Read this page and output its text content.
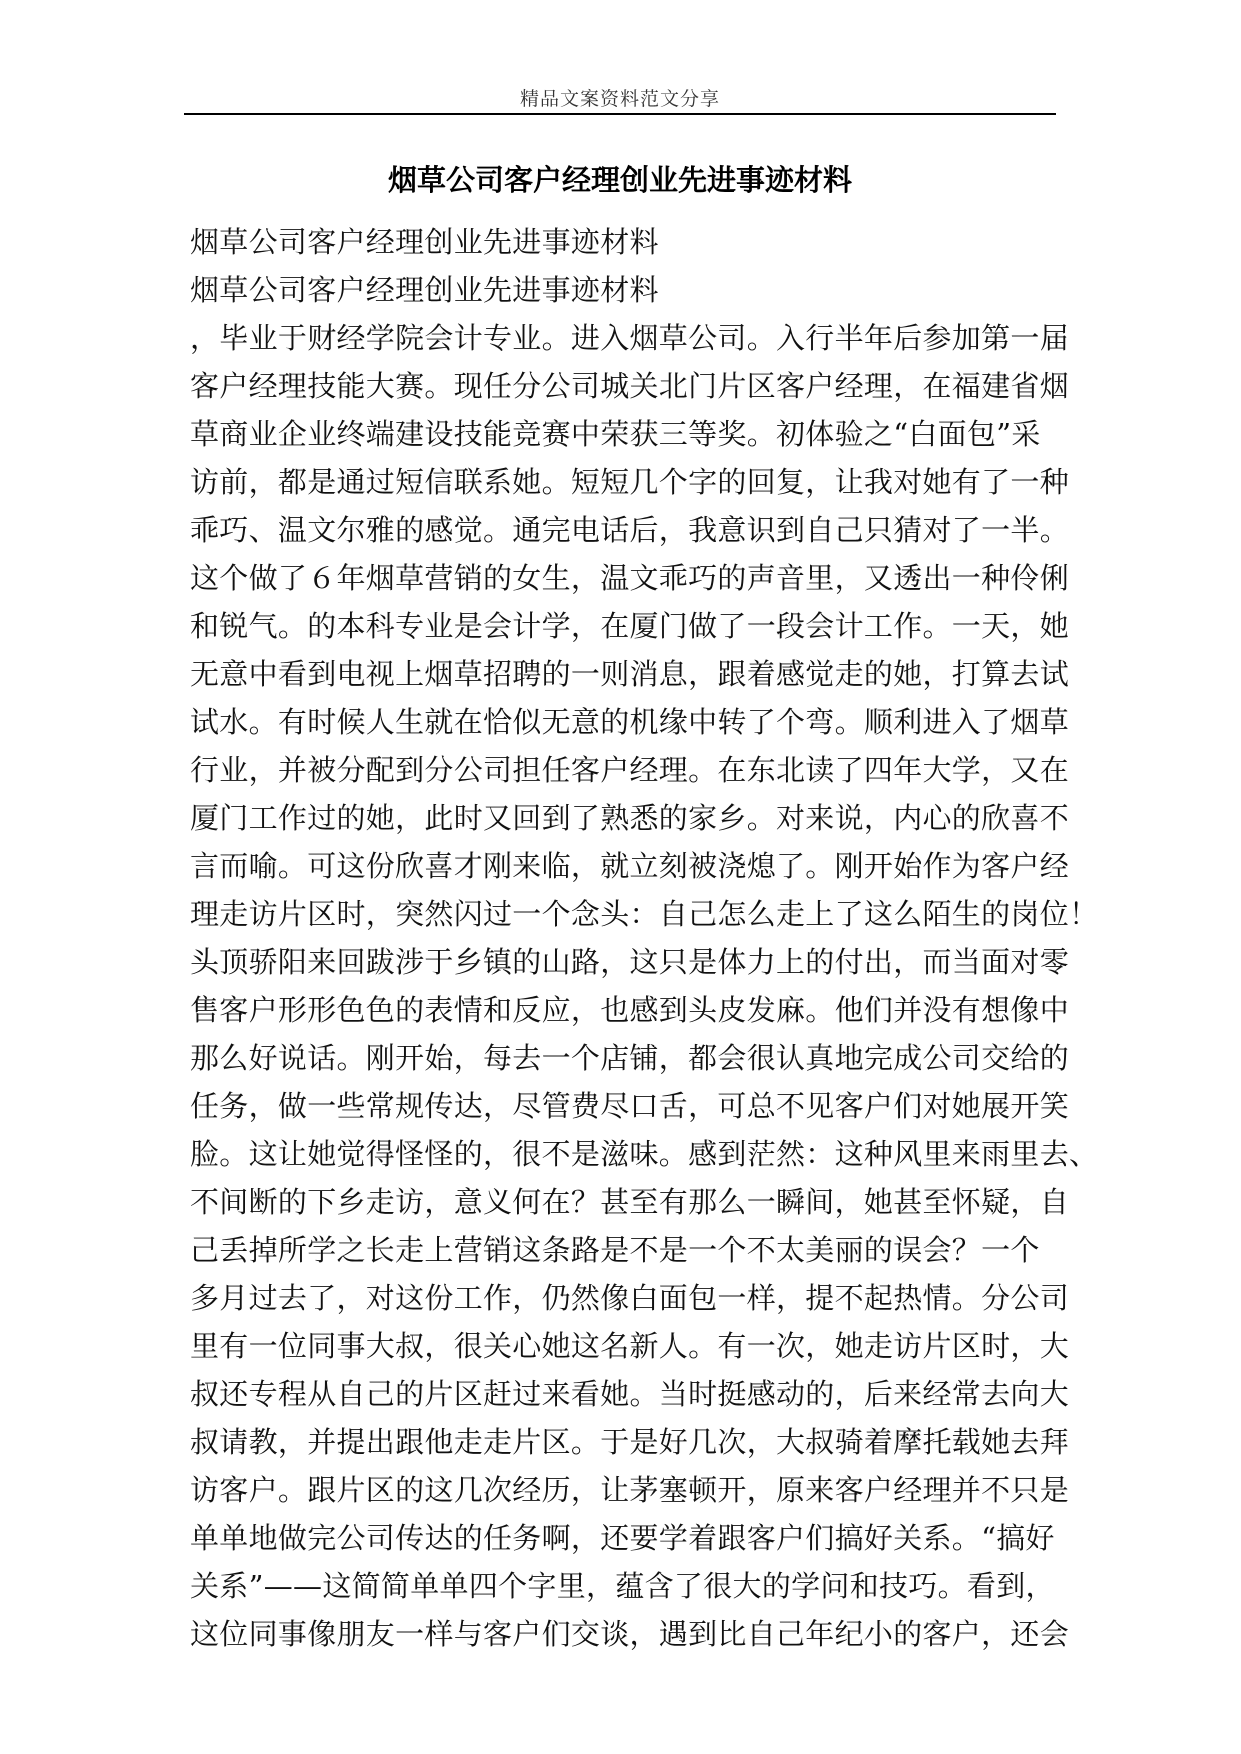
精品文案资料范文分享
烟草公司客户经理创业先进事迹材料
烟草公司客户经理创业先进事迹材料
烟草公司客户经理创业先进事迹材料
，毕业于财经学院会计专业。进入烟草公司。入行半年后参加第一届
客户经理技能大赛。现任分公司城关北门片区客户经理，在福建省烟
草商业企业终端建设技能竞赛中荣获三等奖。初体验之“白面包”采
访前，都是通过短信联系她。短短几个字的回复，让我对她有了一种
乖巧、温文尔雅的感觉。通完电话后，我意识到自己只猜对了一半。
这个做了６年烟草营销的女生，温文乖巧的声音里，又透出一种伶俐
和锐气。的本科专业是会计学，在厦门做了一段会计工作。一天，她
无意中看到电视上烟草招聘的一则消息，跟着感觉走的她，打算去试
试水。有时候人生就在恰似无意的机缘中转了个弯。顺利进入了烟草
行业，并被分配到分公司担任客户经理。在东北读了四年大学，又在
厦门工作过的她，此时又回到了熟悉的家乡。对来说，内心的欣喜不
言而喻。可这份欣喜才刚来临，就立刻被浇熄了。刚开始作为客户经
理走访片区时，突然闪过一个念头：自己怎么走上了这么陌生的岗位！
头顶骄阳来回跋涉于乡镇的山路，这只是体力上的付出，而当面对零
售客户形形色色的表情和反应，也感到头皮发麻。他们并没有想像中
那么好说话。刚开始，每去一个店铺，都会很认真地完成公司交给的
任务，做一些常规传达，尽管费尽口舌，可总不见客户们对她展开笑
脸。这让她觉得怪怪的，很不是滋味。感到茫然：这种风里来雨里去、
不间断的下乡走访，意义何在？甚至有那么一瞬间，她甚至怀疑，自
己丢掉所学之长走上营销这条路是不是一个不太美丽的误会？一个
多月过去了，对这份工作，仍然像白面包一样，提不起热情。分公司
里有一位同事大叔，很关心她这名新人。有一次，她走访片区时，大
叔还专程从自己的片区赶过来看她。当时挺感动的，后来经常去向大
叔请教，并提出跟他走走片区。于是好几次，大叔骑着摩托载她去拜
访客户。跟片区的这几次经历，让茅塞顿开，原来客户经理并不只是
单单地做完公司传达的任务啊，还要学着跟客户们搞好关系。“搞好
关系”——这简简单单四个字里，蕴含了很大的学问和技巧。看到，
这位同事像朋友一样与客户们交谈，遇到比自己年纪小的客户，还会
